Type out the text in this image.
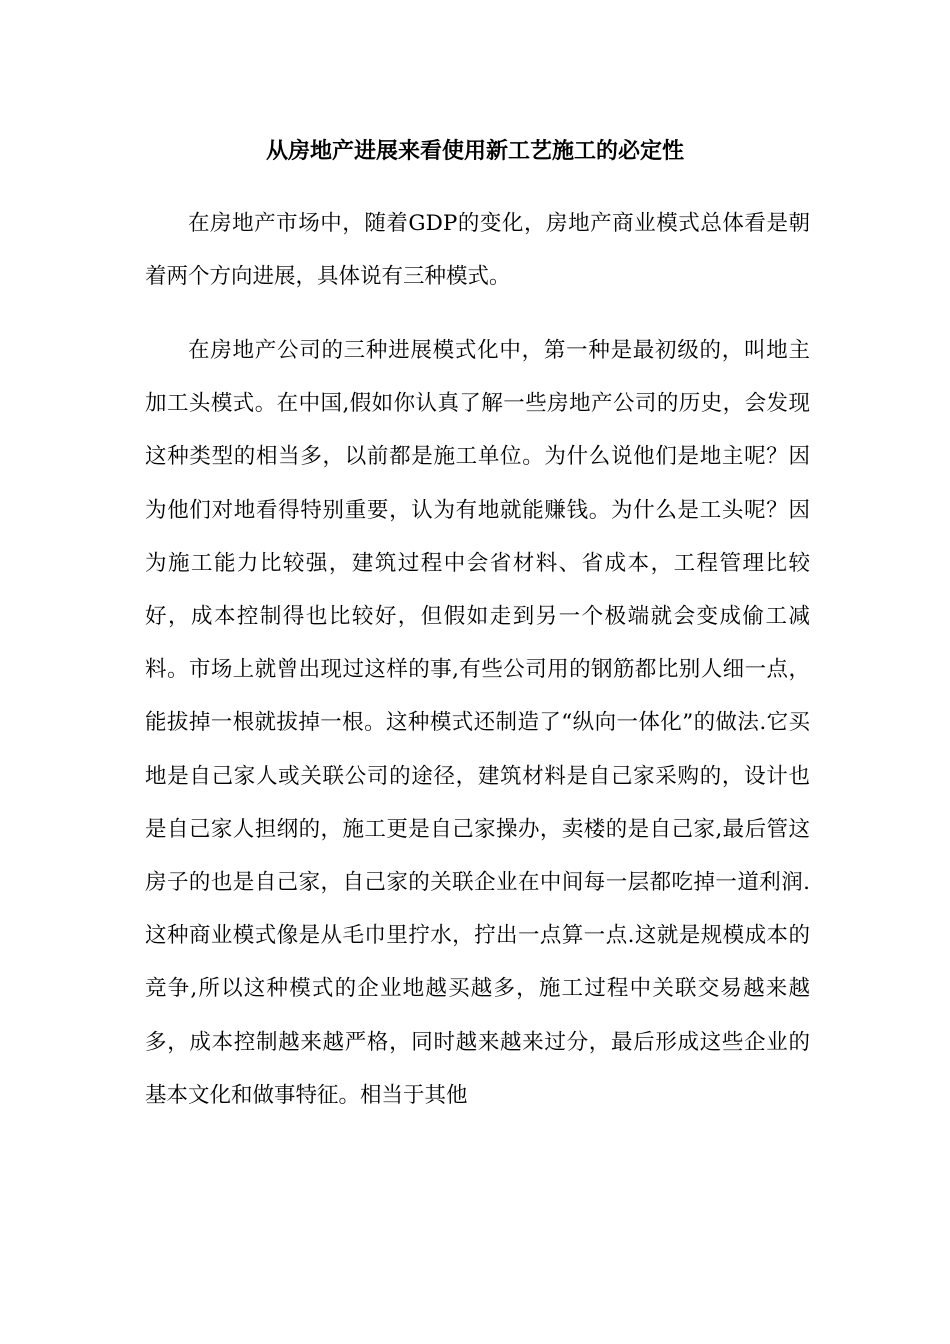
从房地产进展来看使用新工艺施工的必定性

在房地产市场中，随着GDP的变化，房地产商业模式总体看是朝着两个方向进展，具体说有三种模式。

在房地产公司的三种进展模式化中，第一种是最初级的，叫地主加工头模式。在中国,假如你认真了解一些房地产公司的历史，会发现这种类型的相当多，以前都是施工单位。为什么说他们是地主呢？因为他们对地看得特别重要，认为有地就能赚钱。为什么是工头呢？因为施工能力比较强，建筑过程中会省材料、省成本，工程管理比较好，成本控制得也比较好，但假如走到另一个极端就会变成偷工减料。市场上就曾出现过这样的事,有些公司用的钢筋都比别人细一点，能拔掉一根就拔掉一根。这种模式还制造了“纵向一体化”的做法.它买地是自己家人或关联公司的途径，建筑材料是自己家采购的，设计也是自己家人担纲的，施工更是自己家操办，卖楼的是自己家,最后管这房子的也是自己家，自己家的关联企业在中间每一层都吃掉一道利润.这种商业模式像是从毛巾里拧水，拧出一点算一点.这就是规模成本的竞争,所以这种模式的企业地越买越多，施工过程中关联交易越来越多，成本控制越来越严格，同时越来越来过分，最后形成这些企业的基本文化和做事特征。相当于其他
